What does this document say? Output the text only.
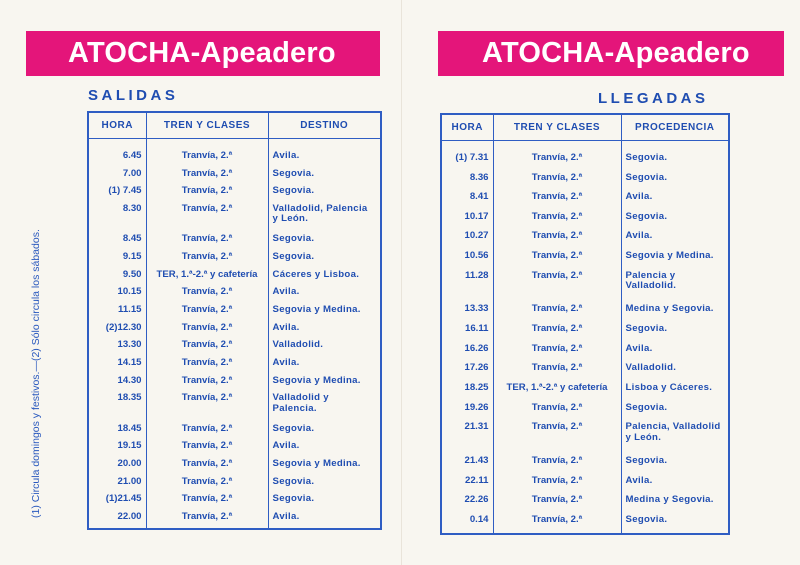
ATOCHA-Apeadero
SALIDAS
(1) Circula domingos y festivos.—(2) Sólo circula los sábados.
HORA	TREN Y CLASES	DESTINO

6.45	Tranvía, 2.ª	Avila.
7.00	Tranvía, 2.ª	Segovia.
(1) 7.45	Tranvía, 2.ª	Segovia.
8.30	Tranvía, 2.ª	Valladolid, Palencia y León.
8.45	Tranvía, 2.ª	Segovia.
9.15	Tranvía, 2.ª	Segovia.
9.50	TER, 1.ª-2.ª y cafetería	Cáceres y Lisboa.
10.15	Tranvía, 2.ª	Avila.
11.15	Tranvía, 2.ª	Segovia y Medina.
(2)12.30	Tranvía, 2.ª	Avila.
13.30	Tranvía, 2.ª	Valladolid.
14.15	Tranvía, 2.ª	Avila.
14.30	Tranvía, 2.ª	Segovia y Medina.
18.35	Tranvía, 2.ª	Valladolid y Palencia.
18.45	Tranvía, 2.ª	Segovia.
19.15	Tranvía, 2.ª	Avila.
20.00	Tranvía, 2.ª	Segovia y Medina.
21.00	Tranvía, 2.ª	Segovia.
(1)21.45	Tranvía, 2.ª	Segovia.
22.00	Tranvía, 2.ª	Avila.

ATOCHA-Apeadero
LLEGADAS
HORA	TREN Y CLASES	PROCEDENCIA

(1) 7.31	Tranvía, 2.ª	Segovia.
8.36	Tranvía, 2.ª	Segovia.
8.41	Tranvía, 2.ª	Avila.
10.17	Tranvía, 2.ª	Segovia.
10.27	Tranvía, 2.ª	Avila.
10.56	Tranvía, 2.ª	Segovia y Medina.
11.28	Tranvía, 2.ª	Palencia y Valladolid.
13.33	Tranvía, 2.ª	Medina y Segovia.
16.11	Tranvía, 2.ª	Segovia.
16.26	Tranvía, 2.ª	Avila.
17.26	Tranvía, 2.ª	Valladolid.
18.25	TER, 1.ª-2.ª y cafetería	Lisboa y Cáceres.
19.26	Tranvía, 2.ª	Segovia.
21.31	Tranvía, 2.ª	Palencia, Valladolid y León.
21.43	Tranvía, 2.ª	Segovia.
22.11	Tranvía, 2.ª	Avila.
22.26	Tranvía, 2.ª	Medina y Segovia.
0.14	Tranvía, 2.ª	Segovia.
